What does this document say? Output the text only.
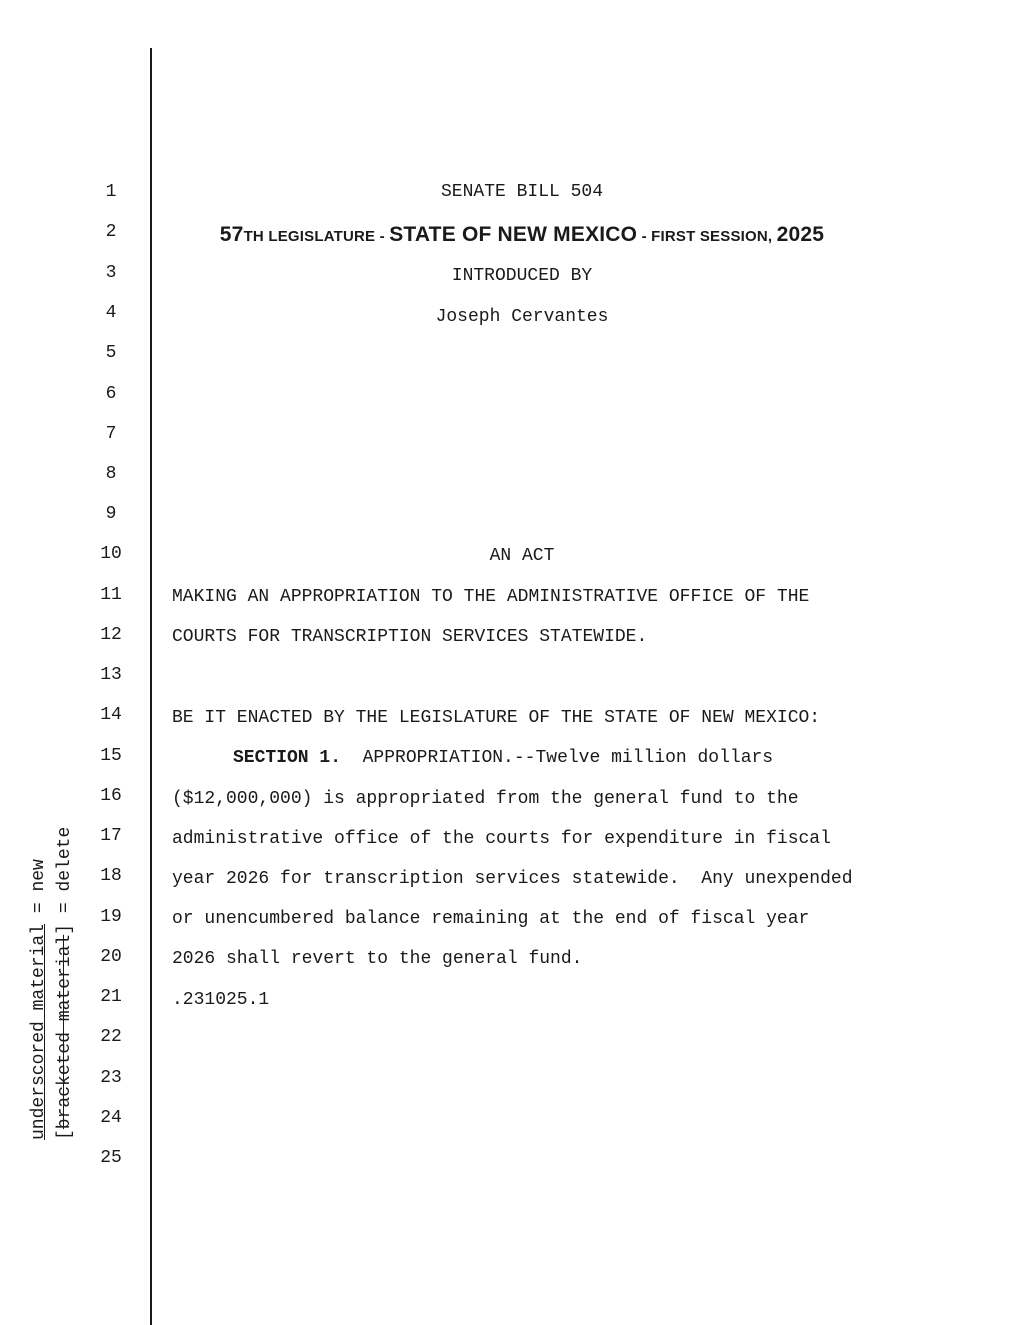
underscored material = new
[bracketed material] = delete
1
2
3
4
5
6
7
8
9
10
11
12
13
14
15
16
17
18
19
20
21
22
23
24
25
SENATE BILL 504
57TH LEGISLATURE - STATE OF NEW MEXICO - FIRST SESSION, 2025
INTRODUCED BY
Joseph Cervantes
AN ACT
MAKING AN APPROPRIATION TO THE ADMINISTRATIVE OFFICE OF THE
COURTS FOR TRANSCRIPTION SERVICES STATEWIDE.
BE IT ENACTED BY THE LEGISLATURE OF THE STATE OF NEW MEXICO:
SECTION 1.  APPROPRIATION.--Twelve million dollars
($12,000,000) is appropriated from the general fund to the
administrative office of the courts for expenditure in fiscal
year 2026 for transcription services statewide.  Any unexpended
or unencumbered balance remaining at the end of fiscal year
2026 shall revert to the general fund.
.231025.1
